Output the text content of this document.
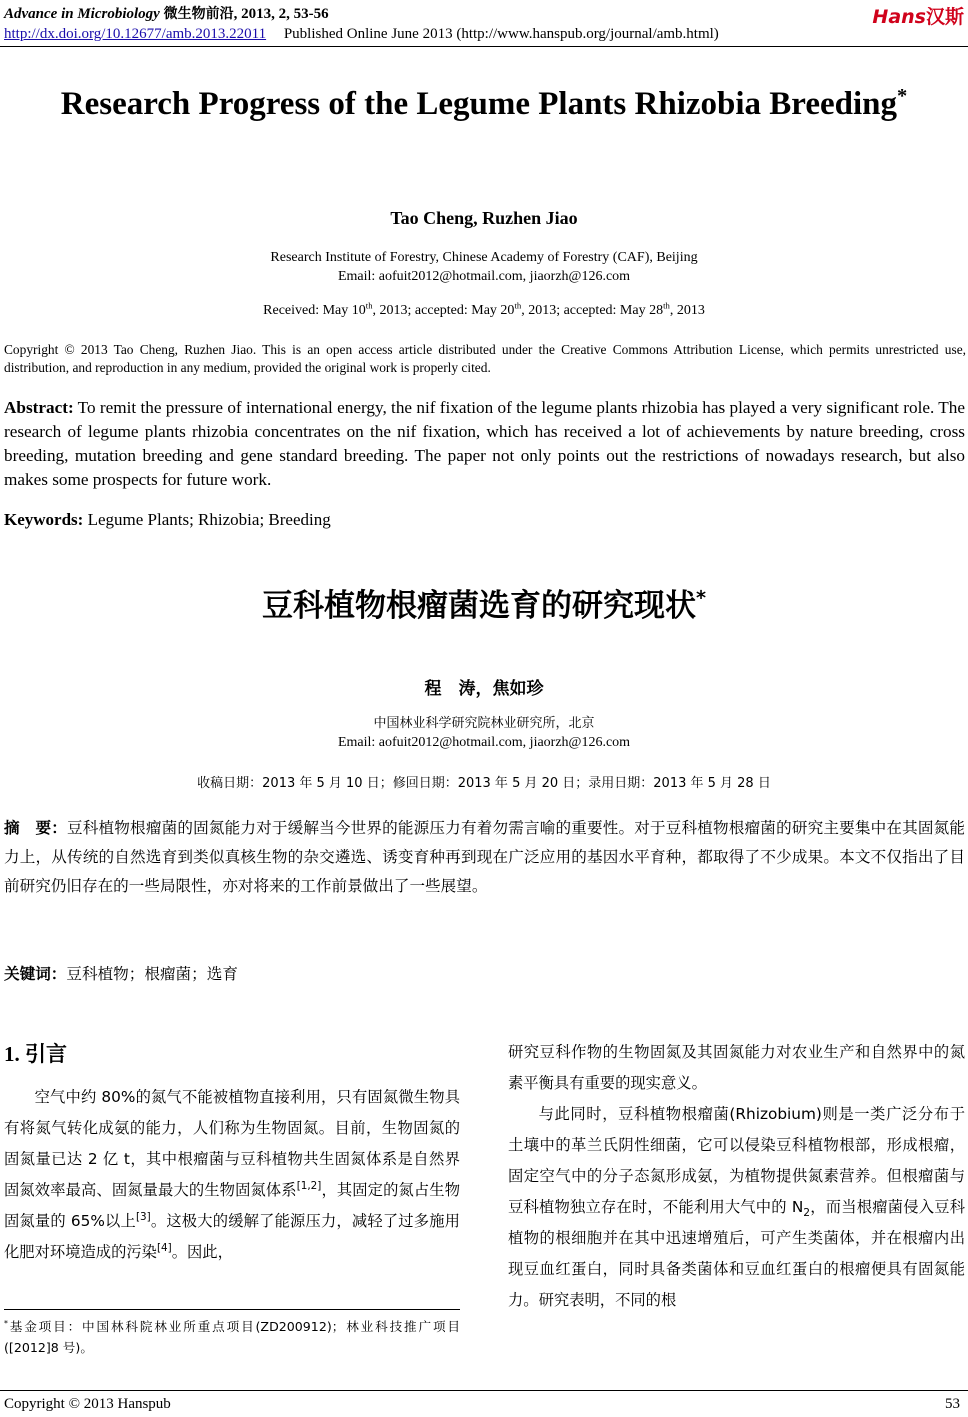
Advance in Microbiology 微生物前沿, 2013, 2, 53-56
http://dx.doi.org/10.12677/amb.2013.22011 Published Online June 2013 (http://www.hanspub.org/journal/amb.html)
Hans汉斯
Research Progress of the Legume Plants Rhizobia Breeding*
Tao Cheng, Ruzhen Jiao
Research Institute of Forestry, Chinese Academy of Forestry (CAF), Beijing
Email: aofuit2012@hotmail.com, jiaorzh@126.com
Received: May 10th, 2013; accepted: May 20th, 2013; accepted: May 28th, 2013
Copyright © 2013 Tao Cheng, Ruzhen Jiao. This is an open access article distributed under the Creative Commons Attribution License, which permits unrestricted use, distribution, and reproduction in any medium, provided the original work is properly cited.
Abstract: To remit the pressure of international energy, the nif fixation of the legume plants rhizobia has played a very significant role. The research of legume plants rhizobia concentrates on the nif fixation, which has received a lot of achievements by nature breeding, cross breeding, mutation breeding and gene standard breeding. The paper not only points out the restrictions of nowadays research, but also makes some prospects for future work.
Keywords: Legume Plants; Rhizobia; Breeding
豆科植物根瘤菌选育的研究现状*
程　涛，焦如珍
中国林业科学研究院林业研究所，北京
Email: aofuit2012@hotmail.com, jiaorzh@126.com
收稿日期：2013 年 5 月 10 日；修回日期：2013 年 5 月 20 日；录用日期：2013 年 5 月 28 日
摘　要：豆科植物根瘤菌的固氮能力对于缓解当今世界的能源压力有着勿需言喻的重要性。对于豆科植物根瘤菌的研究主要集中在其固氮能力上，从传统的自然选育到类似真核生物的杂交遴选、诱变育种再到现在广泛应用的基因水平育种，都取得了不少成果。本文不仅指出了目前研究仍旧存在的一些局限性，亦对将来的工作前景做出了一些展望。
关键词：豆科植物；根瘤菌；选育
1. 引言

空气中约 80%的氮气不能被植物直接利用，只有固氮微生物具有将氮气转化成氨的能力，人们称为生物固氮。目前，生物固氮的固氮量已达 2 亿 t，其中根瘤菌与豆科植物共生固氮体系是自然界固氮效率最高、固氮量最大的生物固氮体系[1,2]，其固定的氮占生物固氮量的 65%以上[3]。这极大的缓解了能源压力，减轻了过多施用化肥对环境造成的污染[4]。因此，

研究豆科作物的生物固氮及其固氮能力对农业生产和自然界中的氮素平衡具有重要的现实意义。

与此同时，豆科植物根瘤菌(Rhizobium)则是一类广泛分布于土壤中的革兰氏阴性细菌，它可以侵染豆科植物根部，形成根瘤，固定空气中的分子态氮形成氨，为植物提供氮素营养。但根瘤菌与豆科植物独立存在时，不能利用大气中的 $N_2$，而当根瘤菌侵入豆科植物的根细胞并在其中迅速增殖后，可产生类菌体，并在根瘤内出现豆血红蛋白，同时具备类菌体和豆血红蛋白的根瘤便具有固氮能力。研究表明，不同的根

*基金项目：中国林科院林业所重点项目(ZD200912)；林业科技推广项目([2012]8 号)。
Copyright © 2013 Hanspub	53
